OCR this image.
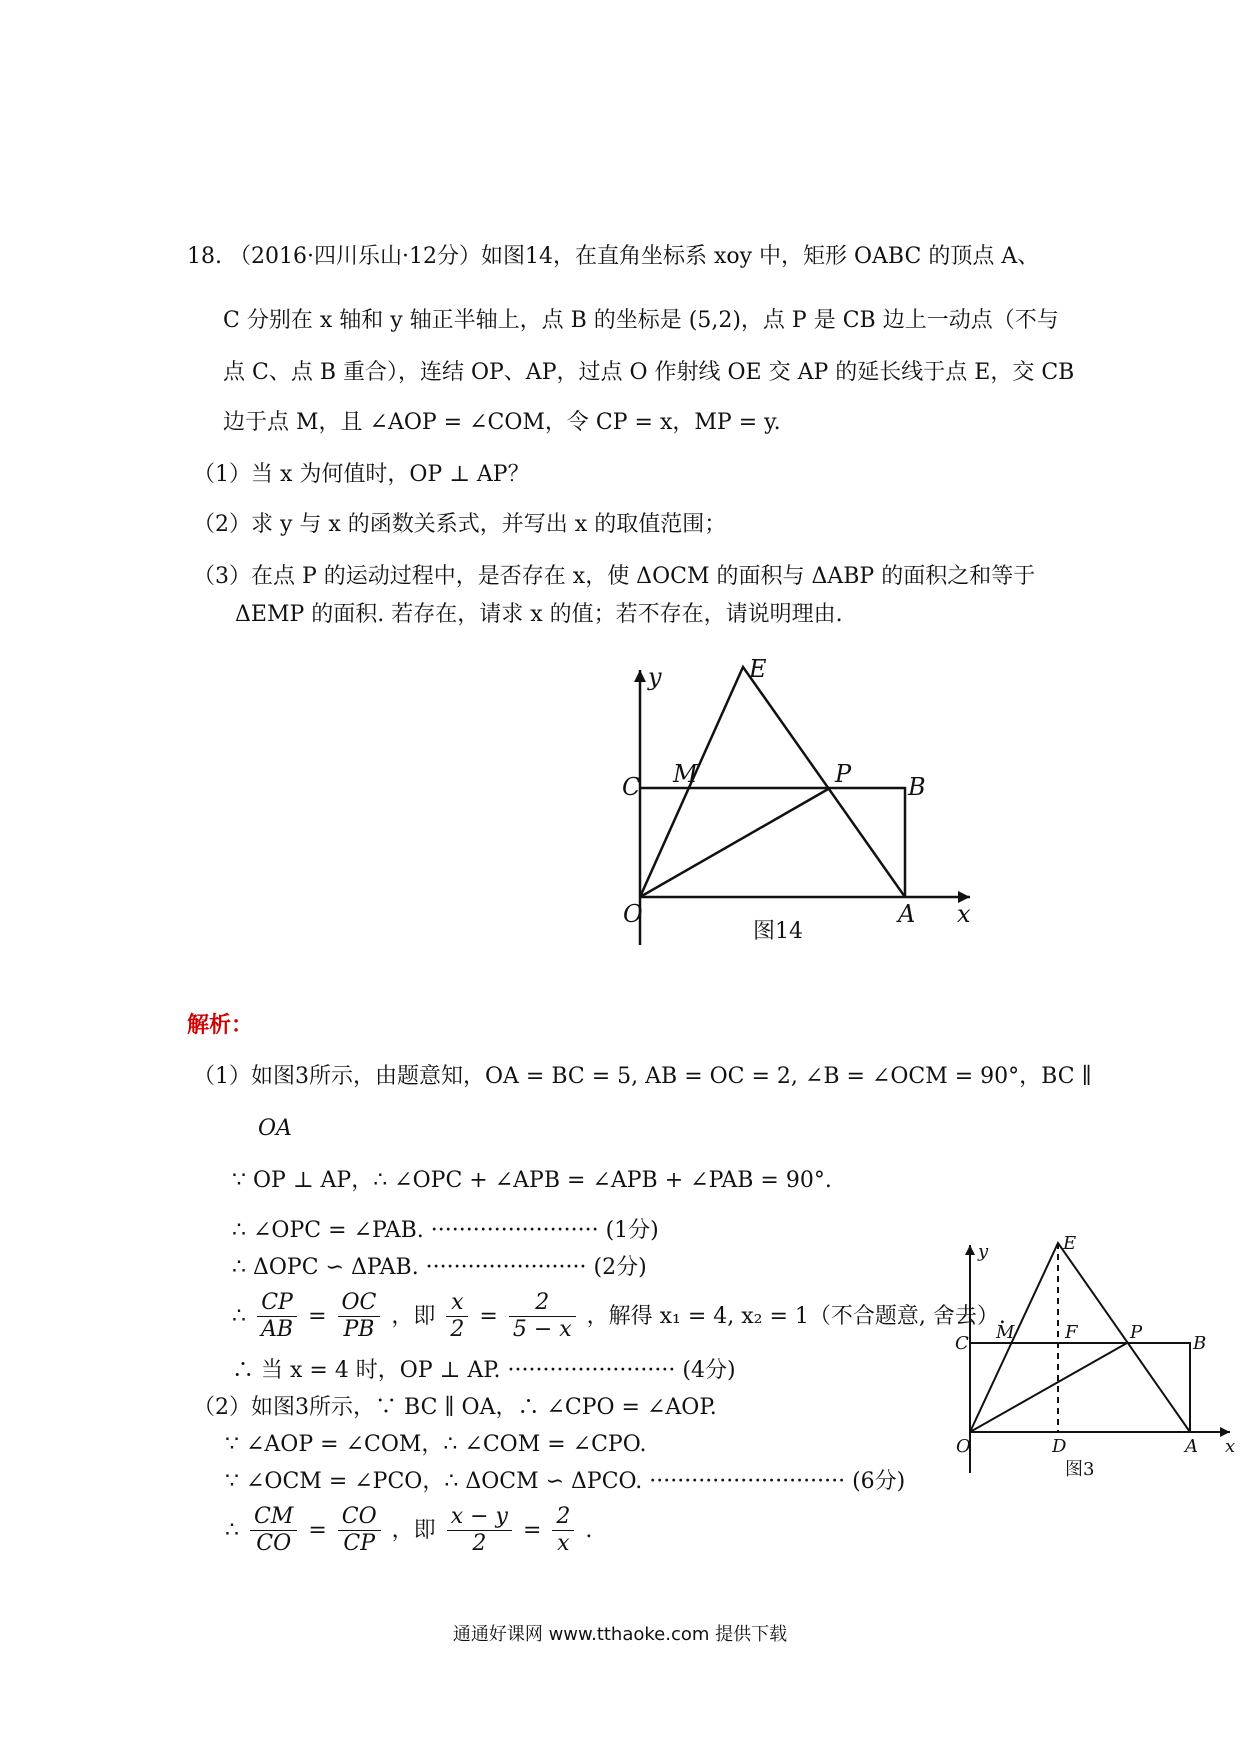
18. （2016·四川乐山·12分）如图14，在直角坐标系 xoy 中，矩形 OABC 的顶点 A、
C 分别在 x 轴和 y 轴正半轴上，点 B 的坐标是 (5,2)，点 P 是 CB 边上一动点（不与
点 C、点 B 重合），连结 OP、AP，过点 O 作射线 OE 交 AP 的延长线于点 E，交 CB
边于点 M，且 ∠AOP = ∠COM，令 CP = x，MP = y.
（1）当 x 为何值时，OP ⊥ AP？
（2）求 y 与 x 的函数关系式，并写出 x 的取值范围；
（3）在点 P 的运动过程中，是否存在 x，使 ΔOCM 的面积与 ΔABP 的面积之和等于
ΔEMP 的面积. 若存在，请求 x 的值；若不存在，请说明理由.
y	E
C M	P B
O	A x
图14
解析：
（1）如图3所示，由题意知，OA = BC = 5, AB = OC = 2, ∠B = ∠OCM = 90°，BC ∥
OA
∵ OP ⊥ AP，∴ ∠OPC + ∠APB = ∠APB + ∠PAB = 90°.
∴ ∠OPC = ∠PAB. ························ (1分)
∴ ΔOPC ∽ ΔPAB. ······················· (2分)
∴ $\frac{CP}{AB} = \frac{OC}{PB}$ ，即 $\frac{x}{2} = \frac{2}{5 - x}$ ，解得 x₁ = 4, x₂ = 1（不合题意, 舍去）.
∴ 当 x = 4 时，OP ⊥ AP. ························ (4分)
（2）如图3所示，∵ BC ∥ OA，∴ ∠CPO = ∠AOP.
∵ ∠AOP = ∠COM，∴ ∠COM = ∠CPO.
∵ ∠OCM = ∠PCO，∴ ΔOCM ∽ ΔPCO. ···························· (6分)
∴ $\frac{CM}{CO} = \frac{CO}{CP}$ ，即 $\frac{x - y}{2} = \frac{2}{x}$ .
y	E
C
M	F	P
B
O	D	A x
图3
通通好课网 www.tthaoke.com 提供下载
